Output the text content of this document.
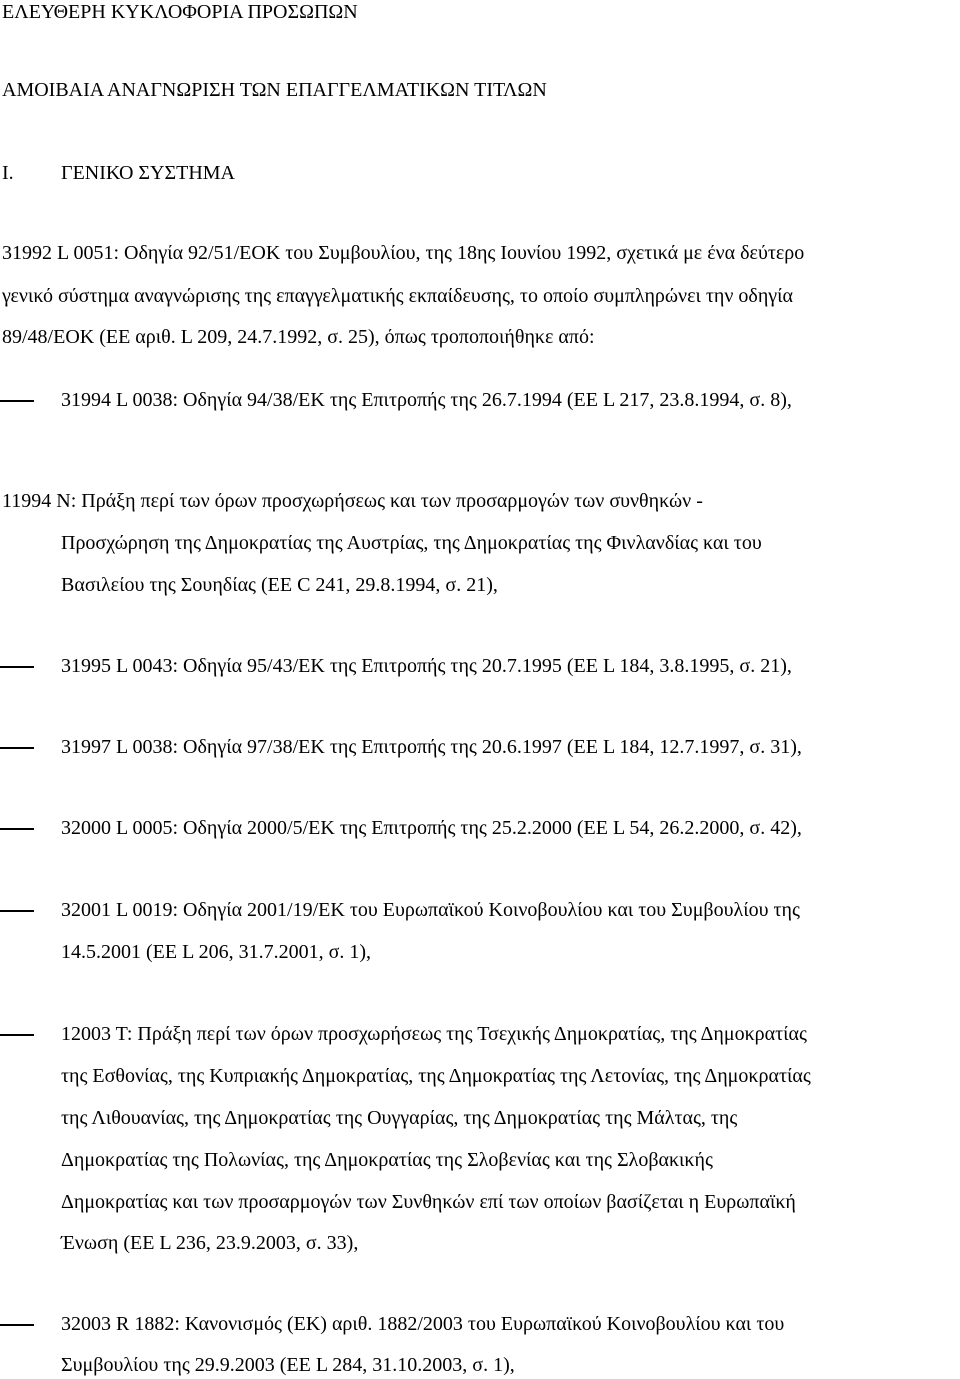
ΕΛΕΥΘΕΡΗ ΚΥΚΛΟΦΟΡΙΑ ΠΡΟΣΩΠΩΝ
ΑΜΟΙΒΑΙΑ ΑΝΑΓΝΩΡΙΣΗ ΤΩΝ ΕΠΑΓΓΕΛΜΑΤΙΚΩΝ ΤΙΤΛΩΝ
I. ΓΕΝΙΚΟ ΣΥΣΤΗΜΑ
31992 L 0051: Οδηγία 92/51/ΕΟΚ του Συμβουλίου, της 18ης Ιουνίου 1992, σχετικά με ένα δεύτερο
γενικό σύστημα αναγνώρισης της επαγγελματικής εκπαίδευσης, το οποίο συμπληρώνει την οδηγία
89/48/ΕΟΚ (ΕΕ αριθ. L 209, 24.7.1992, σ. 25), όπως τροποποιήθηκε από:
31994 L 0038: Οδηγία 94/38/ΕΚ της Επιτροπής της 26.7.1994 (ΕΕ L 217, 23.8.1994, σ. 8),
11994 N: Πράξη περί των όρων προσχωρήσεως και των προσαρμογών των συνθηκών -
Προσχώρηση της Δημοκρατίας της Αυστρίας, της Δημοκρατίας της Φινλανδίας και του
Βασιλείου της Σουηδίας (ΕΕ C 241, 29.8.1994, σ. 21),
31995 L 0043: Οδηγία 95/43/ΕΚ της Επιτροπής της 20.7.1995 (ΕΕ L 184, 3.8.1995, σ. 21),
31997 L 0038: Οδηγία 97/38/ΕΚ της Επιτροπής της 20.6.1997 (ΕΕ L 184, 12.7.1997, σ. 31),
32000 L 0005: Οδηγία 2000/5/ΕΚ της Επιτροπής της 25.2.2000 (ΕΕ L 54, 26.2.2000, σ. 42),
32001 L 0019: Οδηγία 2001/19/ΕΚ του Ευρωπαϊκού Κοινοβουλίου και του Συμβουλίου της
14.5.2001 (ΕΕ L 206, 31.7.2001, σ. 1),
12003 T: Πράξη περί των όρων προσχωρήσεως της Τσεχικής Δημοκρατίας, της Δημοκρατίας
της Εσθονίας, της Κυπριακής Δημοκρατίας, της Δημοκρατίας της Λετονίας, της Δημοκρατίας
της Λιθουανίας, της Δημοκρατίας της Ουγγαρίας, της Δημοκρατίας της Μάλτας, της
Δημοκρατίας της Πολωνίας, της Δημοκρατίας της Σλοβενίας και της Σλοβακικής
Δημοκρατίας και των προσαρμογών των Συνθηκών επί των οποίων βασίζεται η Ευρωπαϊκή
Ένωση (ΕΕ L 236, 23.9.2003, σ. 33),
32003 R 1882: Κανονισμός (ΕΚ) αριθ. 1882/2003 του Ευρωπαϊκού Κοινοβουλίου και του
Συμβουλίου της 29.9.2003 (ΕΕ L 284, 31.10.2003, σ. 1),
